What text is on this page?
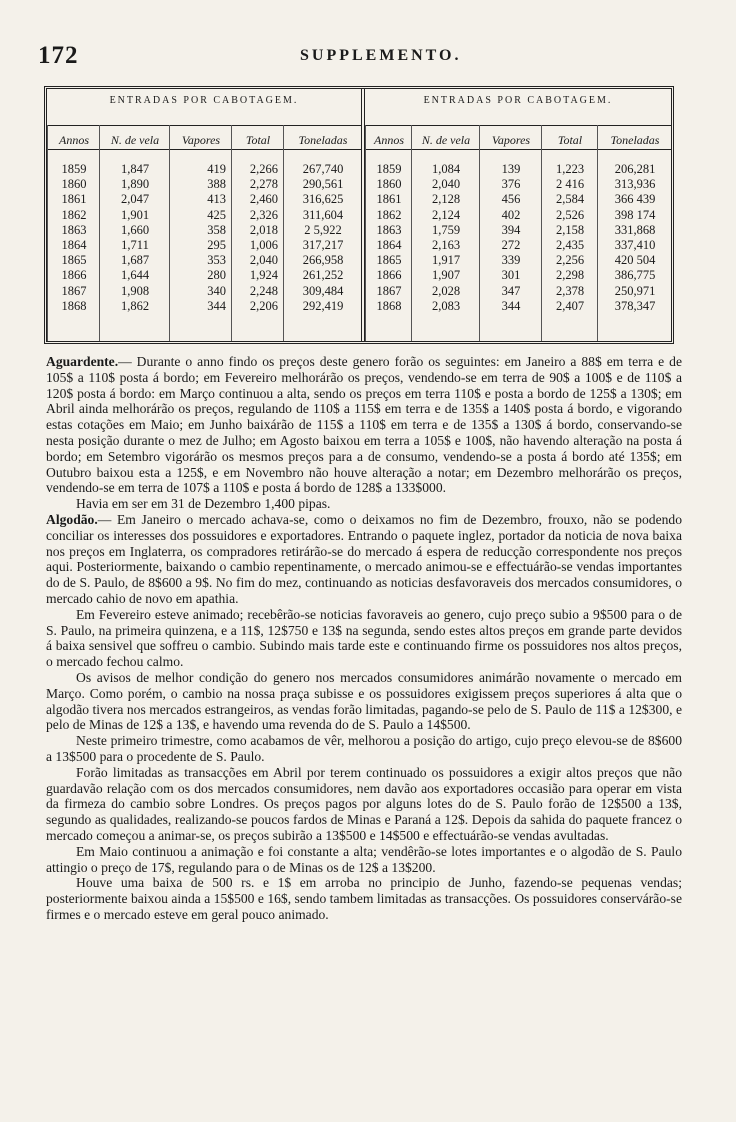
172	SUPPLEMENTO.
ENTRADAS POR CABOTAGEM.
Annos
1859
1860
1861
1862
1863
1864
1865
1866
1867
1868
N. de vela
1,847
1,890
2,047
1,901
1,660
1,711
1,687
1,644
1,908
1,862
Vapores
419
388
413
425
358
295
353
280
340
344
Total
2,266
2,278
2,460
2,326
2,018
1,006
2,040
1,924
2,248
2,206
Toneladas
267,740
290,561
316,625
311,604
2 5,922
317,217
266,958
261,252
309,484
292,419
ENTRADAS POR CABOTAGEM.
Annos
1859
1860
1861
1862
1863
1864
1865
1866
1867
1868
N. de vela
1,084
2,040
2,128
2,124
1,759
2,163
1,917
1,907
2,028
2,083
Vapores
139
376
456
402
394
272
339
301
347
344
Total
1,223
2 416
2,584
2,526
2,158
2,435
2,256
2,298
2,378
2,407
Toneladas
206,281
313,936
366 439
398 174
331,868
337,410
420 504
386,775
250,971
378,347

Aguardente.— Durante o anno findo os preços deste genero forão os seguintes: em Janeiro a 88$ em terra e de 105$ a 110$ posta á bordo; em Fevereiro melhorárão os preços, vendendo-se em terra de 90$ a 100$ e de 110$ a 120$ posta á bordo: em Março continuou a alta, sendo os preços em terra 110$ e posta a bordo de 125$ a 130$; em Abril ainda melhorárão os preços, regulando de 110$ a 115$ em terra e de 135$ a 140$ posta á bordo, e vigorando estas cotações em Maio; em Junho baixárão de 115$ a 110$ em terra e de 135$ a 130$ á bordo, conservando-se nesta posição durante o mez de Julho; em Agosto baixou em terra a 105$ e 100$, não havendo alteração na posta á bordo; em Setembro vigorárão os mesmos preços para a de consumo, vendendo-se a posta á bordo até 135$; em Outubro baixou esta a 125$, e em Novembro não houve alteração a notar; em Dezembro melhorárão os preços, vendendo-se em terra de 107$ a 110$ e posta á bordo de 128$ a 133$000.

Havia em ser em 31 de Dezembro 1,400 pipas.

Algodão.— Em Janeiro o mercado achava-se, como o deixamos no fim de Dezembro, frouxo, não se podendo conciliar os interesses dos possuidores e exportadores. Entrando o paquete inglez, portador da noticia de nova baixa nos preços em Inglaterra, os compradores retirárão-se do mercado á espera de reducção correspondente nos preços aqui. Posteriormente, baixando o cambio repentinamente, o mercado animou-se e effectuárão-se vendas importantes do de S. Paulo, de 8$600 a 9$. No fim do mez, continuando as noticias desfavoraveis dos mercados consumidores, o mercado cahio de novo em apathia.

Em Fevereiro esteve animado; recebêrão-se noticias favoraveis ao genero, cujo preço subio a 9$500 para o de S. Paulo, na primeira quinzena, e a 11$, 12$750 e 13$ na segunda, sendo estes altos preços em grande parte devidos á baixa sensivel que soffreu o cambio. Subindo mais tarde este e continuando firme os possuidores nos altos preços, o mercado fechou calmo.

Os avisos de melhor condição do genero nos mercados consumidores animárão novamente o mercado em Março. Como porém, o cambio na nossa praça subisse e os possuidores exigissem preços superiores á alta que o algodão tivera nos mercados estrangeiros, as vendas forão limitadas, pagando-se pelo de S. Paulo de 11$ a 12$300, e pelo de Minas de 12$ a 13$, e havendo uma revenda do de S. Paulo a 14$500.

Neste primeiro trimestre, como acabamos de vêr, melhorou a posição do artigo, cujo preço elevou-se de 8$600 a 13$500 para o procedente de S. Paulo.

Forão limitadas as transacções em Abril por terem continuado os possuidores a exigir altos preços que não guardavão relação com os dos mercados consumidores, nem davão aos exportadores occasião para operar em vista da firmeza do cambio sobre Londres. Os preços pagos por alguns lotes do de S. Paulo forão de 12$500 a 13$, segundo as qualidades, realizando-se poucos fardos de Minas e Paraná a 12$. Depois da sahida do paquete francez o mercado começou a animar-se, os preços subirão a 13$500 e 14$500 e effectuárão-se vendas avultadas.

Em Maio continuou a animação e foi constante a alta; vendêrão-se lotes importantes e o algodão de S. Paulo attingio o preço de 17$, regulando para o de Minas os de 12$ a 13$200.

Houve uma baixa de 500 rs. e 1$ em arroba no principio de Junho, fazendo-se pequenas vendas; posteriormente baixou ainda a 15$500 e 16$, sendo tambem limitadas as transacções. Os possuidores conservárão-se firmes e o mercado esteve em geral pouco animado.
